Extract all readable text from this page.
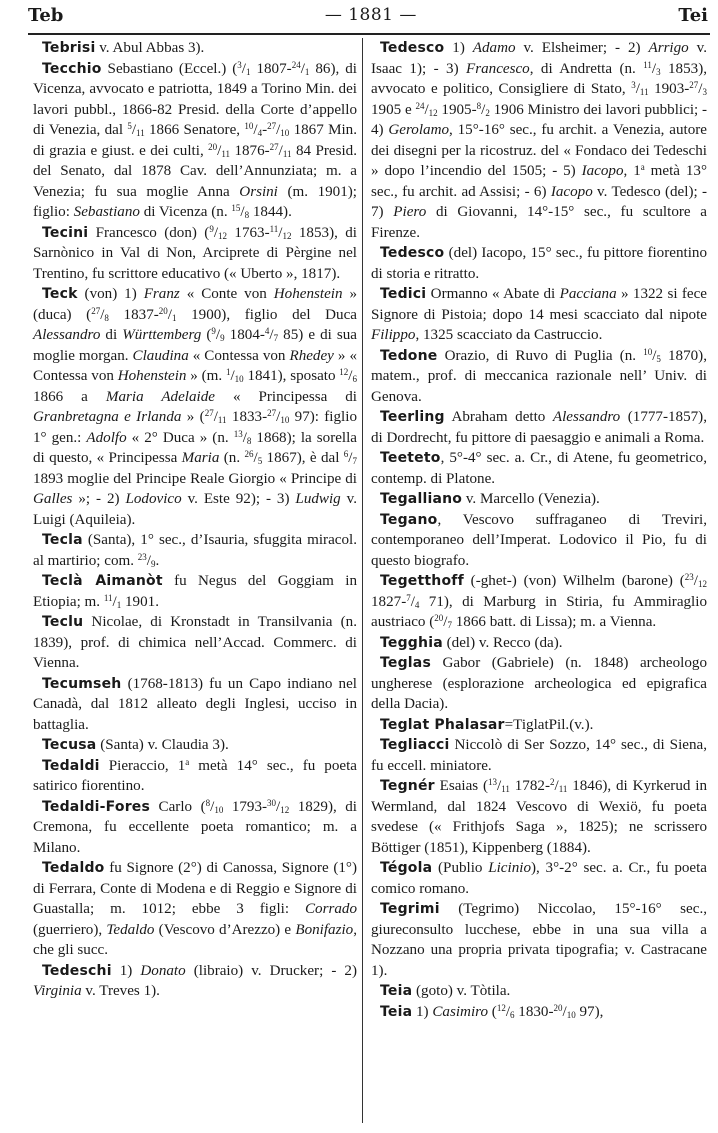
Teb	— 1881 —	Tei
Tebrisi v. Abul Abbas 3).
Tecchio Sebastiano (Eccel.) ($^3/_1$ $1807-^{24}/_1$ 86), di Vicenza, avvocato e patriotta, 1849 a Torino Min. dei lavori pubbl., 1866-82 Presid. della Corte d’appello di Venezia, dal $^5/_{11}$ 1866 Senatore, $^{10}/_4-^{27}/_{10}$ 1867 Min. di grazia e giust. e dei culti, $^{20}/_{11}$ $1876-^{27}/_{11}$ 84 Presid. del Senato, dal 1878 Cav. dell’Annunziata; m. a Venezia; fu sua moglie Anna Orsini (m. 1901); figlio: Sebastiano di Vicenza (n. $^{15}/_8$ 1844).
Tecini Francesco (don) ($^9/_{12}$ $1763-^{11}/_{12}$ 1853), di Sarnònico in Val di Non, Arciprete di Pèrgine nel Trentino, fu scrittore educativo (« Uberto », 1817).
Teck (von) 1) Franz « Conte von Hohenstein » (duca) ($^{27}/_8$ $1837-^{20}/_1$ 1900), figlio del Duca Alessandro di Württemberg ($^9/_9$ $1804-^4/_7$ 85) e di sua moglie morgan. Claudina « Contessa von Rhedey » « Contessa von Hohenstein » (m. $^1/_{10}$ 1841), sposato $^{12}/_6$ 1866 a Maria Adelaide « Principessa di Granbretagna e Irlanda » ($^{27}/_{11}$ $1833-^{27}/_{10}$ 97): figlio 1° gen.: Adolfo « 2° Duca » (n. $^{13}/_8$ 1868); la sorella di questo, « Principessa Maria (n. $^{26}/_5$ 1867), è dal $^6/_7$ 1893 moglie del Principe Reale Giorgio « Principe di Galles »; - 2) Lodovico v. Este 92); - 3) Ludwig v. Luigi (Aquileia).
Tecla (Santa), 1° sec., d’Isauria, sfuggita miracol. al martirio; com. $^{23}/_9$.
Teclà Aimanòt fu Negus del Goggiam in Etiopia; m. $^{11}/_1$ 1901.
Teclu Nicolae, di Kronstadt in Transilvania (n. 1839), prof. di chimica nell’Accad. Commerc. di Vienna.
Tecumseh (1768-1813) fu un Capo indiano nel Canadà, dal 1812 alleato degli Inglesi, ucciso in battaglia.
Tecusa (Santa) v. Claudia 3).
Tedaldi Pieraccio, 1$^a$ metà 14° sec., fu poeta satirico fiorentino.
Tedaldi-Fores Carlo ($^8/_{10}$ $1793-^{30}/_{12}$ 1829), di Cremona, fu eccellente poeta romantico; m. a Milano.
Tedaldo fu Signore (2°) di Canossa, Signore (1°) di Ferrara, Conte di Modena e di Reggio e Signore di Guastalla; m. 1012; ebbe 3 figli: Corrado (guerriero), Tedaldo (Vescovo d’Arezzo) e Bonifazio, che gli succ.
Tedeschi 1) Donato (libraio) v. Drucker; - 2) Virginia v. Treves 1).
Tedesco 1) Adamo v. Elsheimer; - 2) Arrigo v. Isaac 1); - 3) Francesco, di Andretta (n. $^{11}/_3$ 1853), avvocato e politico, Consigliere di Stato, $^3/_{11}$ $1903-^{27}/_3$ 1905 e $^{24}/_{12}$ $1905-^8/_2$ 1906 Ministro dei lavori pubblici; - 4) Gerolamo, 15°-16° sec., fu archit. a Venezia, autore dei disegni per la ricostruz. del « Fondaco dei Tedeschi » dopo l’incendio del 1505; - 5) Iacopo, 1$^a$ metà 13° sec., fu archit. ad Assisi; - 6) Iacopo v. Tedesco (del); - 7) Piero di Giovanni, 14°-15° sec., fu scultore a Firenze.
Tedesco (del) Iacopo, 15° sec., fu pittore fiorentino di storia e ritratto.
Tedici Ormanno « Abate di Pacciana » 1322 si fece Signore di Pistoia; dopo 14 mesi scacciato dal nipote Filippo, 1325 scacciato da Castruccio.
Tedone Orazio, di Ruvo di Puglia (n. $^{10}/_5$ 1870), matem., prof. di meccanica razionale nell’ Univ. di Genova.
Teerling Abraham detto Alessandro (1777-1857), di Dordrecht, fu pittore di paesaggio e animali a Roma.
Teeteto, 5°-4° sec. a. Cr., di Atene, fu geometrico, contemp. di Platone.
Tegalliano v. Marcello (Venezia).
Tegano, Vescovo suffraganeo di Treviri, contemporaneo dell’Imperat. Lodovico il Pio, fu di questo biografo.
Tegetthoff (-ghet-) (von) Wilhelm (barone) ($^{23}/_{12}$ $1827-^7/_4$ 71), di Marburg in Stiria, fu Ammiraglio austriaco ($^{20}/_7$ 1866 batt. di Lissa); m. a Vienna.
Tegghia (del) v. Recco (da).
Teglas Gabor (Gabriele) (n. 1848) archeologo ungherese (esplorazione archeologica ed epigrafica della Dacia).
Teglat Phalasar=TiglatPil.(v.).
Tegliacci Niccolò di Ser Sozzo, 14° sec., di Siena, fu eccell. miniatore.
Tegnér Esaias ($^{13}/_{11}$ $1782-^2/_{11}$ 1846), di Kyrkerud in Wermland, dal 1824 Vescovo di Wexiö, fu poeta svedese (« Frithjofs Saga », 1825); ne scrissero Böttiger (1851), Kippenberg (1884).
Tégola (Publio Licinio), 3°-2° sec. a. Cr., fu poeta comico romano.
Tegrimi (Tegrimo) Niccolao, 15°-16° sec., giureconsulto lucchese, ebbe in una sua villa a Nozzano una propria privata tipografia; v. Castracane 1).
Teia (goto) v. Tòtila.
Teia 1) Casimiro ($^{12}/_6$ $1830-^{20}/_{10}$ 97),
